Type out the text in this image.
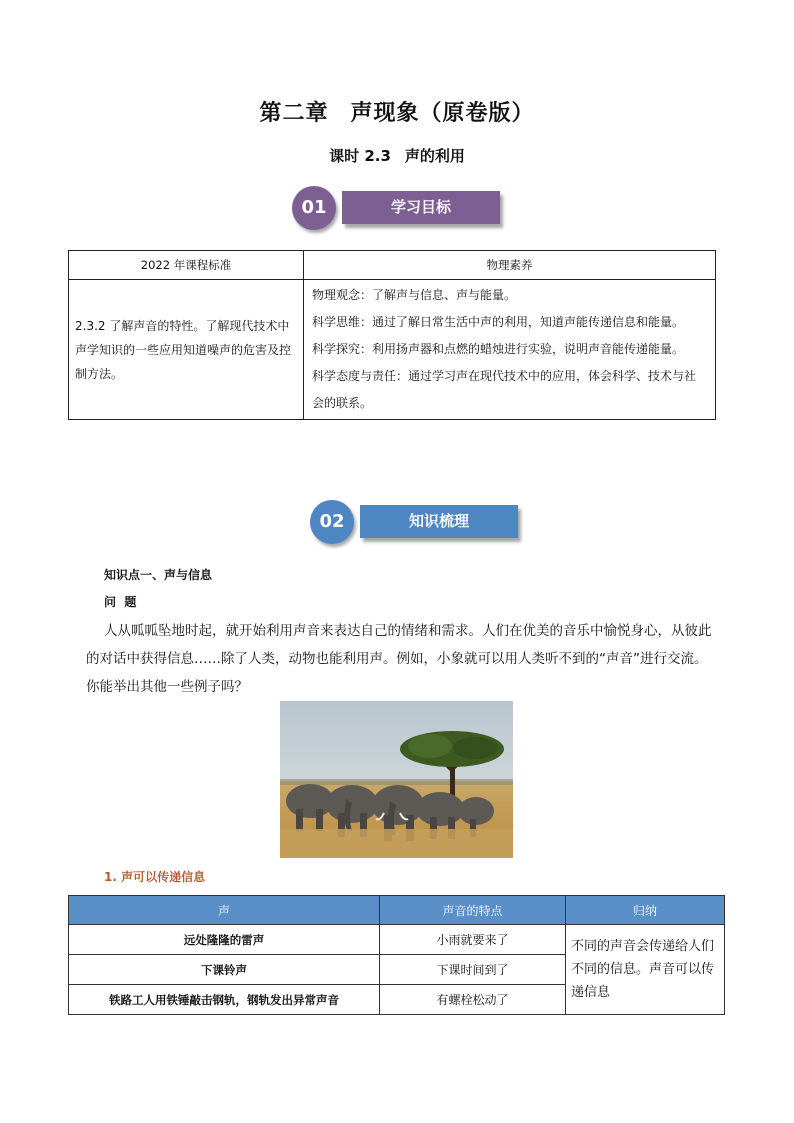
第二章 声现象（原卷版）
课时 2.3 声的利用
01	学习目标
2022 年课程标准	物理素养
2.3.2 了解声音的特性。了解现代技术中声学知识的一些应用知道噪声的危害及控制方法。	物理观念：了解声与信息、声与能量。

科学思维：通过了解日常生活中声的利用，知道声能传递信息和能量。

科学探究：利用扬声器和点燃的蜡烛进行实验，说明声音能传递能量。

科学态度与责任：通过学习声在现代技术中的应用，体会科学、技术与社会的联系。

02	知识梳理
知识点一、声与信息
问  题
人从呱呱坠地时起，就开始利用声音来表达自己的情绪和需求。人们在优美的音乐中愉悦身心，从彼此的对话中获得信息……除了人类，动物也能利用声。例如，小象就可以用人类听不到的“声音”进行交流。你能举出其他一些例子吗？
1. 声可以传递信息
声	声音的特点	归纳
远处隆隆的雷声	小雨就要来了	不同的声音会传递给人们不同的信息。声音可以传递信息
下课铃声	下课时间到了	
铁路工人用铁锤敲击钢轨，钢轨发出异常声音	有螺栓松动了	
